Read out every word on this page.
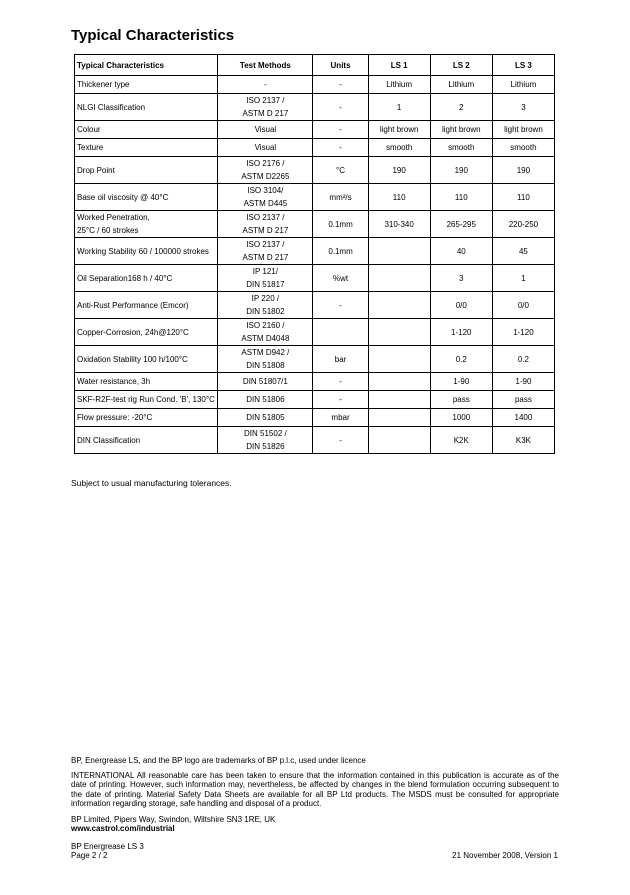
Typical Characteristics
Typical Characteristics	Test Methods	Units	LS 1	LS 2	LS 3

Thickener type	-	-	Lithium	Lithium	Lithium

NLGI Classification	ISO 2137 /
ASTM D 217	-	1	2	3

Colour	Visual	-	light brown	light brown	light brown

Texture	Visual	-	smooth	smooth	smooth

Drop Point	ISO 2176 /
ASTM D2265	°C	190	190	190

Base oil viscosity @ 40°C	ISO 3104/
ASTM D445	mm²/s	110	110	110

Worked Penetration,
25°C / 60 strokes	ISO 2137 /
ASTM D 217	0.1mm	310-340	265-295	220-250

Working Stability 60 / 100000 strokes	ISO 2137 /
ASTM D 217	0.1mm		40	45

Oil Separation168 h / 40°C	IP 121/
DIN 51817	%wt		3	1

Anti-Rust Performance (Emcor)	IP 220 /
DIN 51802	-		0/0	0/0

Copper-Corrosion, 24h@120°C	ISO 2160 /
ASTM D4048			1-120	1-120

Oxidation Stability 100 h/100°C	ASTM D942 /
DIN 51808	bar		0.2	0.2

Water resistance, 3h	DIN 51807/1	-		1-90	1-90

SKF-R2F-test rig Run Cond. 'B', 130°C	DIN 51806	-		pass	pass

Flow pressure: -20°C	DIN 51805	mbar		1000	1400

DIN Classification	DIN 51502 /
DIN 51826	-		K2K	K3K

Subject to usual manufacturing tolerances.

BP, Energrease LS, and the BP logo are trademarks of BP p.l.c, used under licence

INTERNATIONAL All reasonable care has been taken to ensure that the information contained in this publication is accurate as of the date of printing. However, such information may, nevertheless, be affected by changes in the blend formulation occurring subsequent to the date of printing. Material Safety Data Sheets are available for all BP Ltd products. The MSDS must be consulted for appropriate information regarding storage, safe handling and disposal of a product.

BP Limited, Pipers Way, Swindon, Wiltshire SN3 1RE, UK
www.castrol.com/industrial
BP Energrease LS 3
Page 2 / 2	21 November 2008, Version 1
